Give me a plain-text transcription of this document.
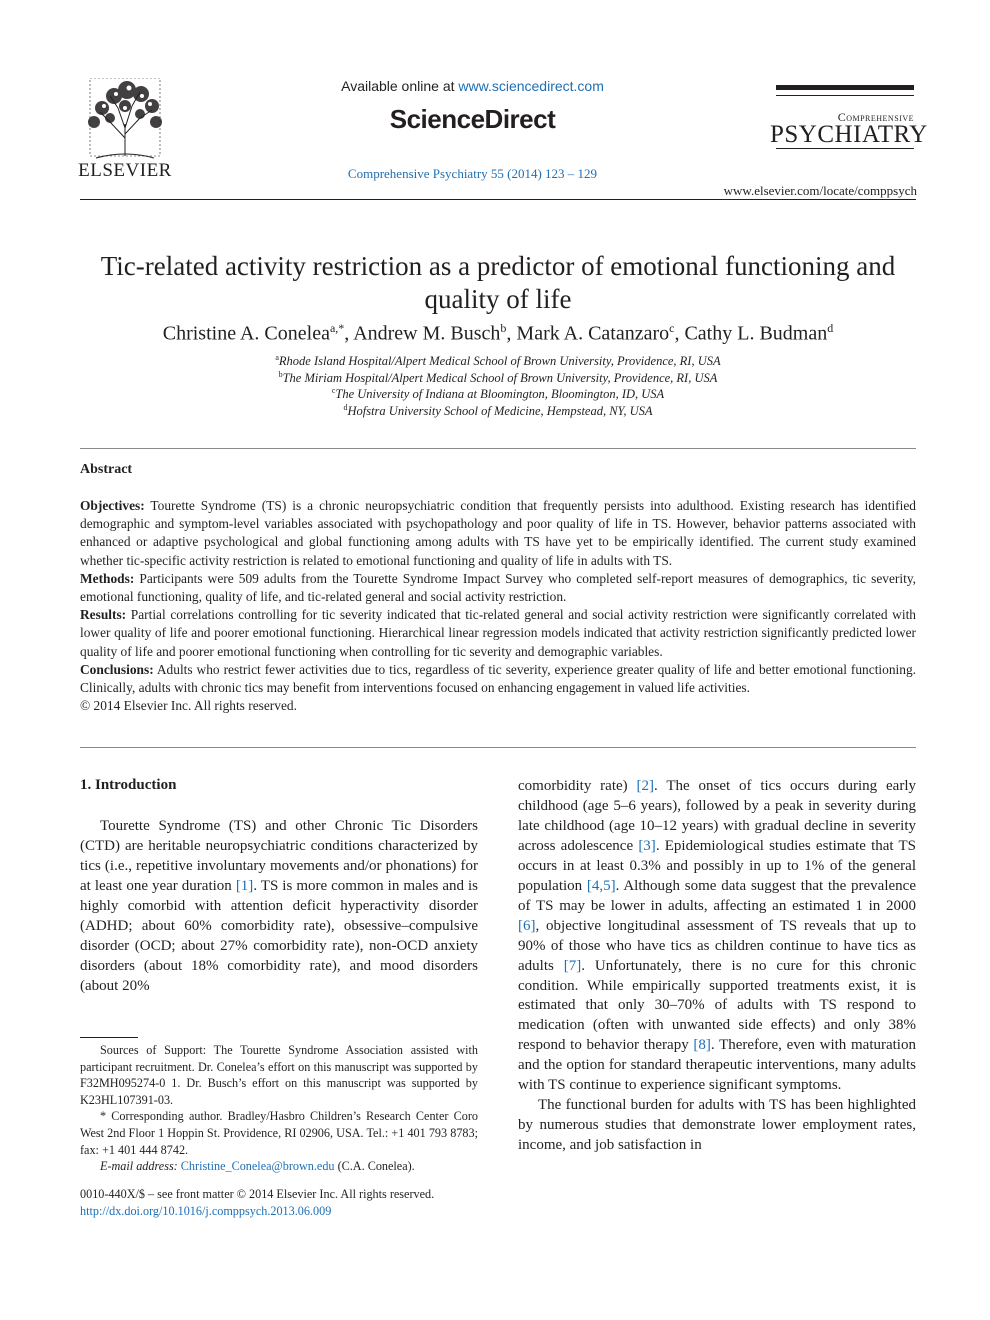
ELSEVIER
Available online at www.sciencedirect.com
ScienceDirect
Comprehensive Psychiatry 55 (2014) 123 – 129
Comprehensive
PSYCHIATRY
www.elsevier.com/locate/comppsych
Tic-related activity restriction as a predictor of emotional functioning and quality of life
Christine A. Conelea$^{a,*}$, Andrew M. Busch$^b$, Mark A. Catanzaro$^c$, Cathy L. Budman$^d$
$^a$Rhode Island Hospital/Alpert Medical School of Brown University, Providence, RI, USA
$^b$The Miriam Hospital/Alpert Medical School of Brown University, Providence, RI, USA
$^c$The University of Indiana at Bloomington, Bloomington, ID, USA
$^d$Hofstra University School of Medicine, Hempstead, NY, USA
Abstract

Objectives: Tourette Syndrome (TS) is a chronic neuropsychiatric condition that frequently persists into adulthood. Existing research has identified demographic and symptom-level variables associated with psychopathology and poor quality of life in TS. However, behavior patterns associated with enhanced or adaptive psychological and global functioning among adults with TS have yet to be empirically identified. The current study examined whether tic-specific activity restriction is related to emotional functioning and quality of life in adults with TS.

Methods: Participants were 509 adults from the Tourette Syndrome Impact Survey who completed self-report measures of demographics, tic severity, emotional functioning, quality of life, and tic-related general and social activity restriction.

Results: Partial correlations controlling for tic severity indicated that tic-related general and social activity restriction were significantly correlated with lower quality of life and poorer emotional functioning. Hierarchical linear regression models indicated that activity restriction significantly predicted lower quality of life and poorer emotional functioning when controlling for tic severity and demographic variables.

Conclusions: Adults who restrict fewer activities due to tics, regardless of tic severity, experience greater quality of life and better emotional functioning. Clinically, adults with chronic tics may benefit from interventions focused on enhancing engagement in valued life activities.

© 2014 Elsevier Inc. All rights reserved.

1. Introduction

Tourette Syndrome (TS) and other Chronic Tic Disorders (CTD) are heritable neuropsychiatric conditions characterized by tics (i.e., repetitive involuntary movements and/or phonations) for at least one year duration [1]. TS is more common in males and is highly comorbid with attention deficit hyperactivity disorder (ADHD; about 60% comorbidity rate), obsessive–compulsive disorder (OCD; about 27% comorbidity rate), non-OCD anxiety disorders (about 18% comorbidity rate), and mood disorders (about 20%

comorbidity rate) [2]. The onset of tics occurs during early childhood (age 5–6 years), followed by a peak in severity during late childhood (age 10–12 years) with gradual decline in severity across adolescence [3]. Epidemiological studies estimate that TS occurs in at least 0.3% and possibly in up to 1% of the general population [4,5]. Although some data suggest that the prevalence of TS may be lower in adults, affecting an estimated 1 in 2000 [6], objective longitudinal assessment of TS reveals that up to 90% of those who have tics as children continue to have tics as adults [7]. Unfortunately, there is no cure for this chronic condition. While empirically supported treatments exist, it is estimated that only 30–70% of adults with TS respond to medication (often with unwanted side effects) and only 38% respond to behavior therapy [8]. Therefore, even with maturation and the option for standard therapeutic interventions, many adults with TS continue to experience significant symptoms.

The functional burden for adults with TS has been highlighted by numerous studies that demonstrate lower employment rates, income, and job satisfaction in

Sources of Support: The Tourette Syndrome Association assisted with participant recruitment. Dr. Conelea’s effort on this manuscript was supported by F32MH095274-0 1. Dr. Busch’s effort on this manuscript was supported by K23HL107391-03.

* Corresponding author. Bradley/Hasbro Children’s Research Center Coro West 2nd Floor 1 Hoppin St. Providence, RI 02906, USA. Tel.: +1 401 793 8783; fax: +1 401 444 8742.

E-mail address: Christine_Conelea@brown.edu (C.A. Conelea).

0010-440X/$ – see front matter © 2014 Elsevier Inc. All rights reserved.

http://dx.doi.org/10.1016/j.comppsych.2013.06.009
